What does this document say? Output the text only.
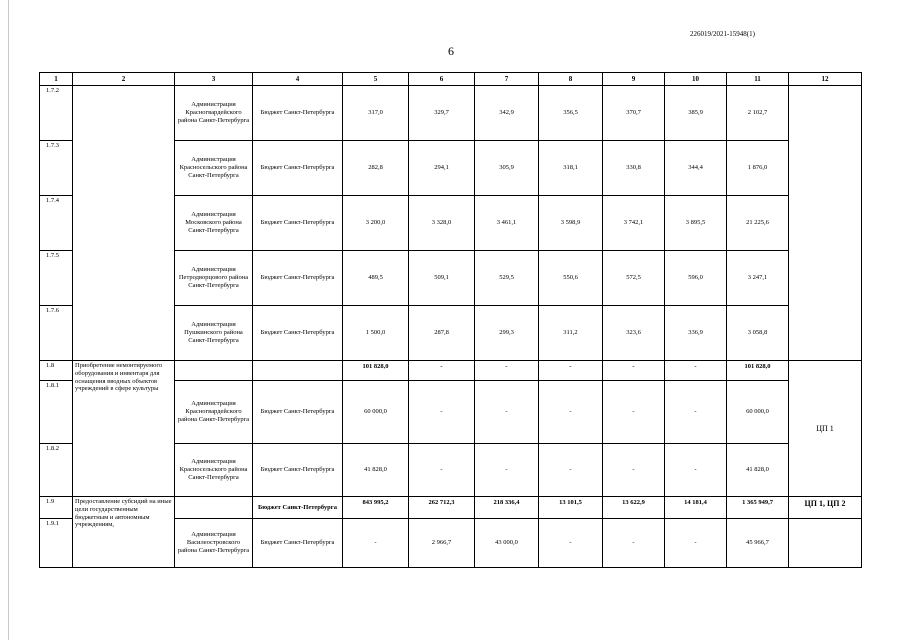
226019/2021-15948(1)
6
1	2	3	4	5	6	7	8	9	10	11	12
1.7.2		Администрация Красногвардейского района Санкт-Петербурга	Бюджет Санкт-Петербурга	317,0	329,7	342,9	356,5	370,7	385,9	2 102,7	
1.7.3		Администрация Красносельского района Санкт-Петербурга	Бюджет Санкт-Петербурга	282,8	294,1	305,9	318,1	330,8	344,4	1 876,0	
1.7.4		Администрация Московского района Санкт-Петербурга	Бюджет Санкт-Петербурга	3 200,0	3 328,0	3 461,1	3 598,9	3 742,1	3 895,5	21 225,6	
1.7.5		Администрация Петродворцового района Санкт-Петербурга	Бюджет Санкт-Петербурга	489,5	509,1	529,5	550,6	572,5	596,0	3 247,1	
1.7.6		Администрация Пушкинского района Санкт-Петербурга	Бюджет Санкт-Петербурга	1 500,0	287,8	299,3	311,2	323,6	336,9	3 058,8	
1.8	Приобретение немонтируемого оборудования и инвентаря для оснащения вводных объектов учреждений в сфере культуры			101 828,0	-	-	-	-	-	101 828,0	ЦП 1
1.8.1		Администрация Красногвардейского района Санкт-Петербурга	Бюджет Санкт-Петербурга	60 000,0	-	-	-	-	-	60 000,0	
1.8.2		Администрация Красносельского района Санкт-Петербурга	Бюджет Санкт-Петербурга	41 828,0	-	-	-	-	-	41 828,0	
1.9	Предоставление субсидий на иные цели государственным бюджетным и автономным учреждениям,		Бюджет Санкт-Петербурга	843 995,2	262 712,3	218 336,4	13 101,5	13 622,9	14 181,4	1 365 949,7	ЦП 1, ЦП 2
1.9.1		Администрация Василеостровского района Санкт-Петербурга	Бюджет Санкт-Петербурга	-	2 966,7	43 000,0	-	-	-	45 966,7	
